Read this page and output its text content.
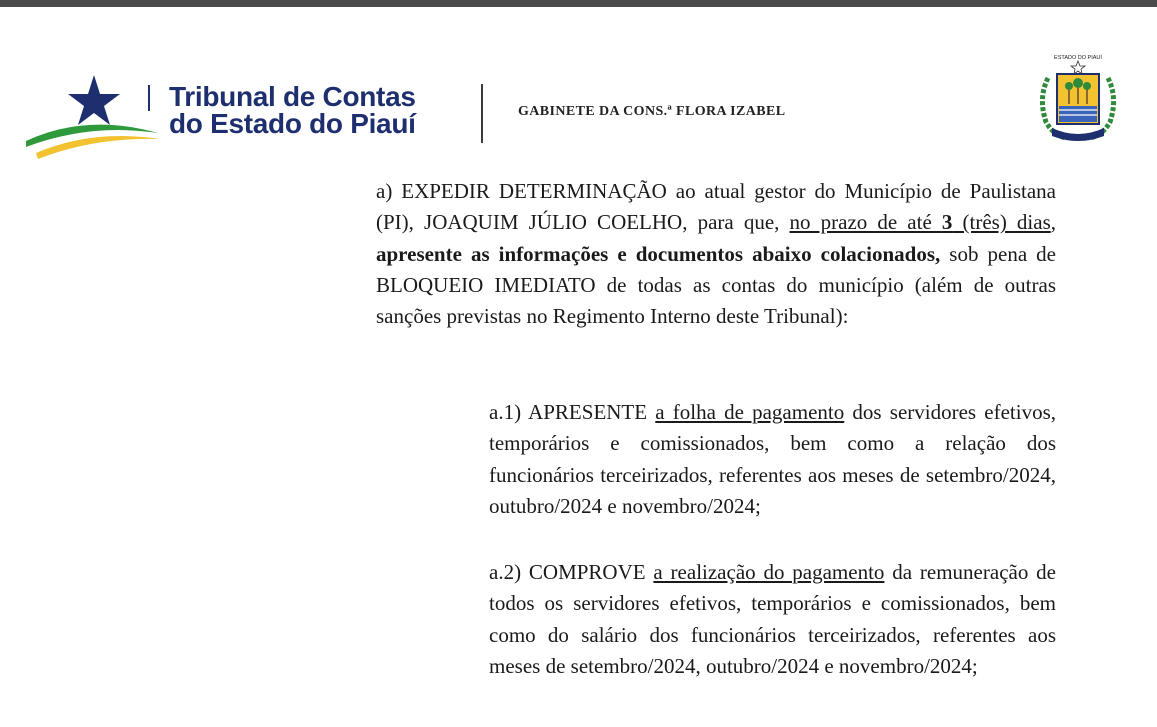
Tribunal de Contas
do Estado do Piauí	GABINETE DA CONS.ª FLORA IZABEL
ESTADO DO PIAUÍ
a) EXPEDIR DETERMINAÇÃO ao atual gestor do Município de Paulistana (PI), JOAQUIM JÚLIO COELHO, para que, no prazo de até 3 (três) dias, apresente as informações e documentos abaixo colacionados, sob pena de BLOQUEIO IMEDIATO de todas as contas do município (além de outras sanções previstas no Regimento Interno deste Tribunal):
a.1) APRESENTE a folha de pagamento dos servidores efetivos, temporários e comissionados, bem como a relação dos funcionários terceirizados, referentes aos meses de setembro/2024, outubro/2024 e novembro/2024;
a.2) COMPROVE a realização do pagamento da remuneração de todos os servidores efetivos, temporários e comissionados, bem como do salário dos funcionários terceirizados, referentes aos meses de setembro/2024, outubro/2024 e novembro/2024;
